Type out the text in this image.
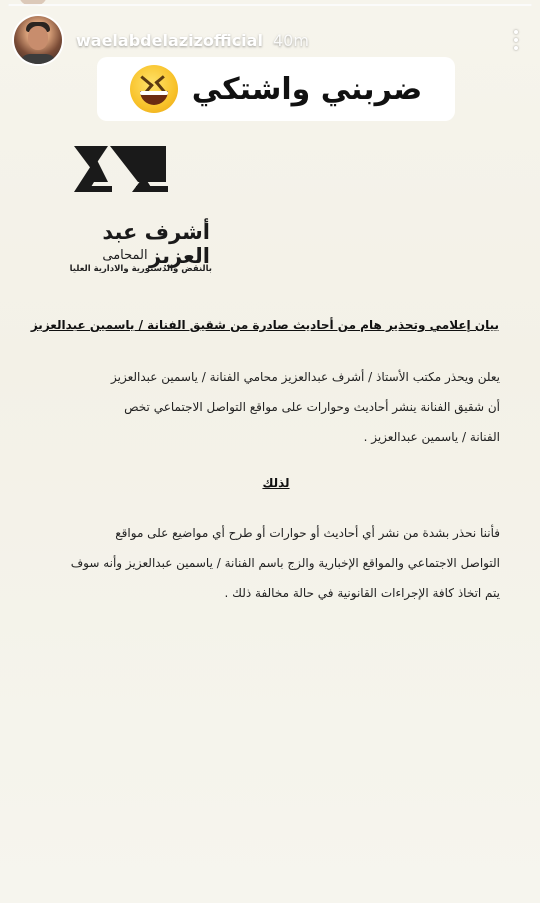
waelabdelazizofficial 40m
ضربني واشتكي
أشرف عبد العزيز
المحامى
بالنقض والدستورية والادارية العليا
بيان إعلامي وتحذير هام من أحاديث صادرة من شقيق الفنانة / ياسمين عبدالعزيز
يعلن ويحذر مكتب الأستاذ / أشرف عبدالعزيز محامي الفنانة / ياسمين عبدالعزيز
أن شقيق الفنانة ينشر أحاديث وحوارات على مواقع التواصل الاجتماعي تخص
الفنانة / ياسمين عبدالعزيز .
لذلك
فأننا نحذر بشدة من نشر أي أحاديث أو حوارات أو طرح أي مواضيع على مواقع
التواصل الاجتماعي والمواقع الإخبارية والزج باسم الفنانة / ياسمين عبدالعزيز وأنه سوف
يتم اتخاذ كافة الإجراءات القانونية في حالة مخالفة ذلك .
